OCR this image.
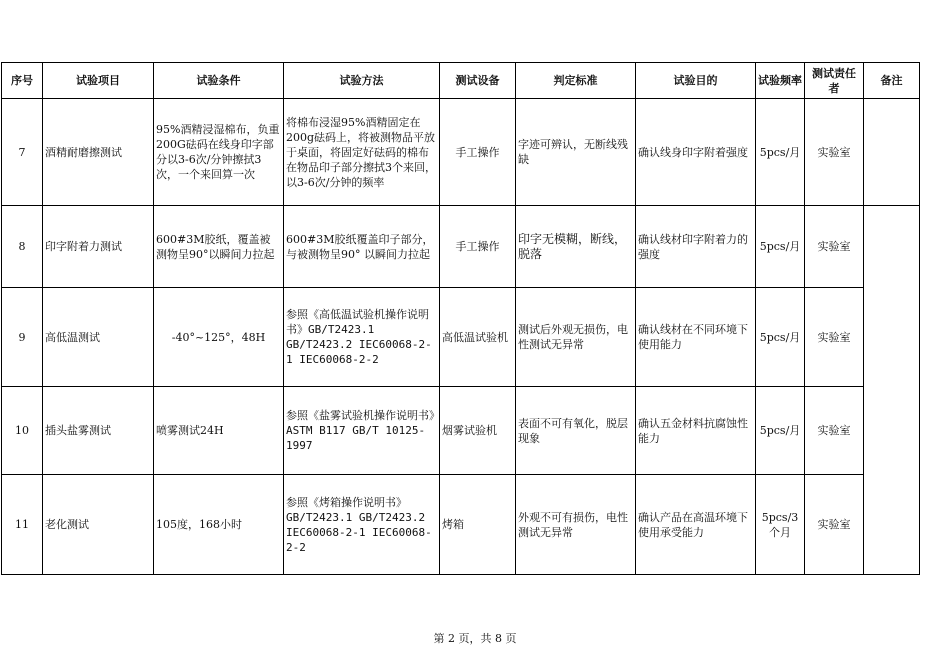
序号	试验项目	试验条件	试验方法	测试设备	判定标准	试验目的	试验频率	测试责任者	备注
7	酒精耐磨擦测试	95%酒精浸湿棉布，负重200G砝码在线身印字部分以3-6次/分钟擦拭3次，一个来回算一次	将棉布浸湿95%酒精固定在200g砝码上，将被测物品平放于桌面，将固定好砝码的棉布在物品印子部分擦拭3个来回，以3-6次/分钟的频率	手工操作	字迹可辨认，无断线残缺	确认线身印字附着强度	5pcs/月	实验室	
8	印字附着力测试	600#3M胶纸，覆盖被测物呈90°以瞬间力拉起	600#3M胶纸覆盖印子部分，与被测物呈90° 以瞬间力拉起	手工操作	印字无模糊，断线，脱落	确认线材印字附着力的强度	5pcs/月	实验室	
9	高低温测试	-40°~125°，48H	参照《高低温试验机操作说明书》GB/T2423.1 GB/T2423.2 IEC60068-2-1 IEC60068-2-2	高低温试验机	测试后外观无损伤，电性测试无异常	确认线材在不同环境下使用能力	5pcs/月	实验室	
10	插头盐雾测试	喷雾测试24H	参照《盐雾试验机操作说明书》ASTM B117 GB/T 10125-1997	烟雾试验机	表面不可有氧化，脱层现象	确认五金材料抗腐蚀性能力	5pcs/月	实验室	
11	老化测试	105度，168小时	参照《烤箱操作说明书》GB/T2423.1 GB/T2423.2 IEC60068-2-1 IEC60068-2-2	烤箱	外观不可有损伤，电性测试无异常	确认产品在高温环境下使用承受能力	5pcs/3个月	实验室	
第 2 页，共 8 页
